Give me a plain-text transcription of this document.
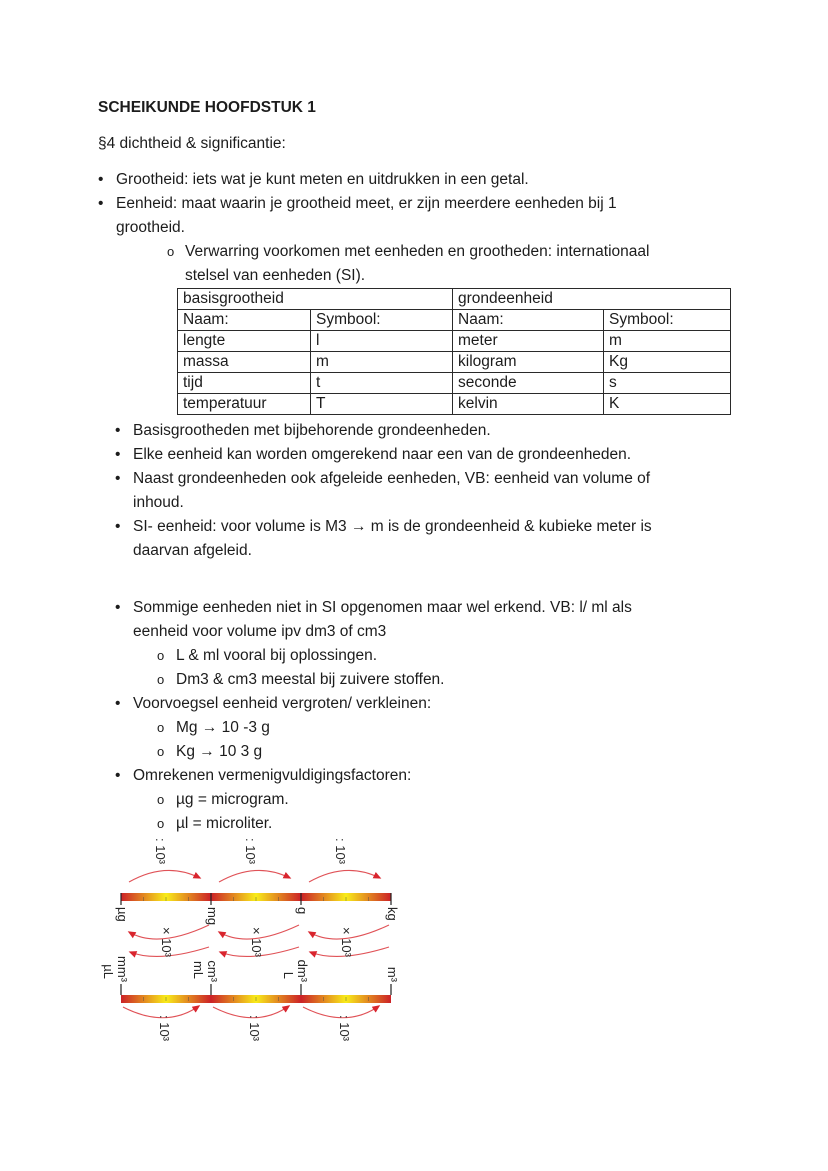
SCHEIKUNDE HOOFDSTUK 1

§4 dichtheid & significantie:

• Grootheid: iets wat je kunt meten en uitdrukken in een getal.
• Eenheid: maat waarin je grootheid meet, er zijn meerdere eenheden bij 1
grootheid.
o Verwarring voorkomen met eenheden en grootheden: internationaal
stelsel van eenheden (SI).
basisgrootheid		grondeenheid	
Naam:	Symbool:	Naam:	Symbool:
lengte	l	meter	m
massa	m	kilogram	Kg
tijd	t	seconde	s
temperatuur	T	kelvin	K
• Basisgrootheden met bijbehorende grondeenheden.
• Elke eenheid kan worden omgerekend naar een van de grondeenheden.
• Naast grondeenheden ook afgeleide eenheden, VB: eenheid van volume of
inhoud.
• SI- eenheid: voor volume is M3 → m is de grondeenheid & kubieke meter is
daarvan afgeleid.
• Sommige eenheden niet in SI opgenomen maar wel erkend. VB: l/ ml als
eenheid voor volume ipv dm3 of cm3
o L & ml vooral bij oplossingen.
o Dm3 & cm3 meestal bij zuivere stoffen.
• Voorvoegsel eenheid vergroten/ verkleinen:
o Mg → 10 -3 g
o Kg → 10 3 g
• Omrekenen vermenigvuldigingsfactoren:
o µg = microgram.
o µl = microliter.
: 10³	: 10³	: 10³
µg	mg	g	kg
× 10³	× 10³	× 10³
µL mm³	mL cm³	L dm³	m³
: 10³	: 10³	: 10³
